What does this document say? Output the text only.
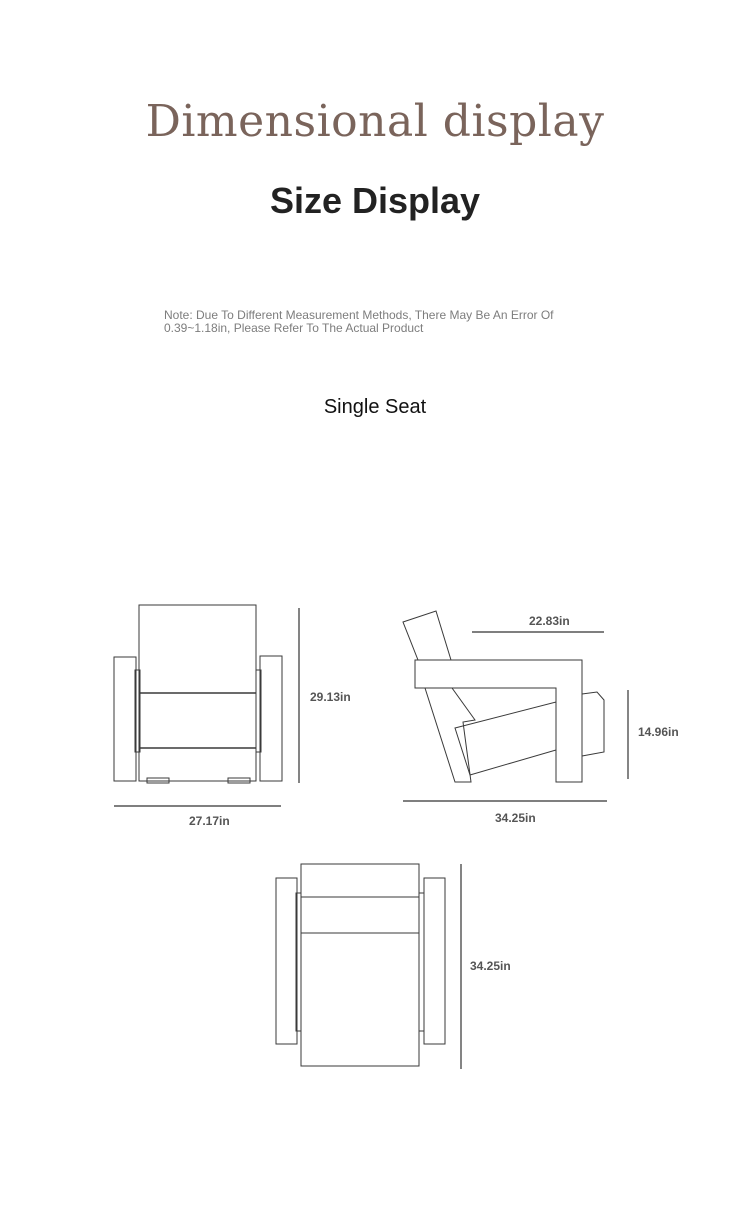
Dimensional display
Size Display
Note: Due To Different Measurement Methods, There May Be An Error Of 0.39~1.18in, Please Refer To The Actual Product
Single Seat
29.13in
27.17in
22.83in
14.96in
34.25in
34.25in
